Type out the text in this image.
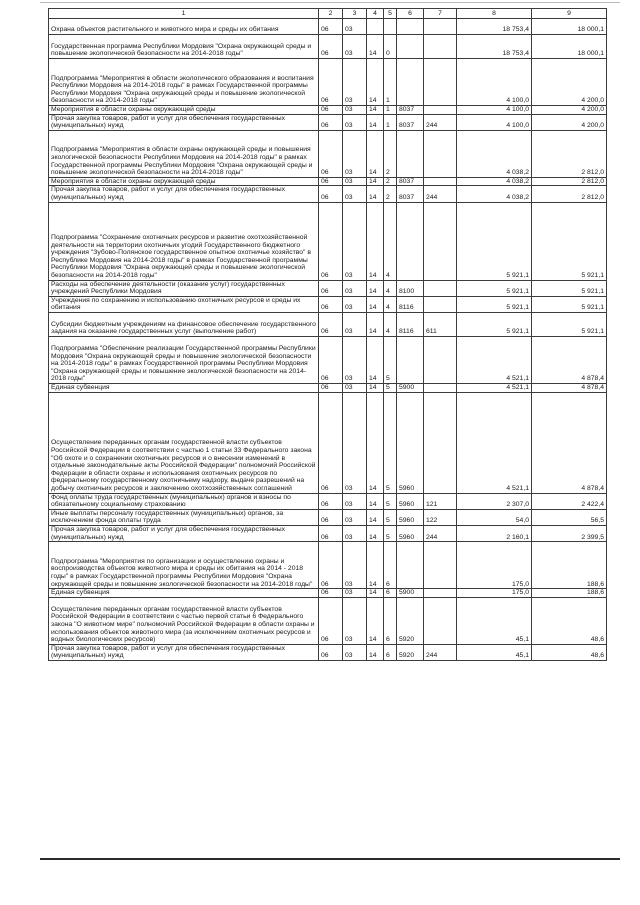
1	2	3	4	5	6	7	8	9
Охрана объектов растительного и животного мира и среды их обитания	06	03					18 753,4	18 000,1
Государственная программа Республики Мордовия "Охрана окружающей среды и повышение экологической безопасности на 2014-2018 годы"	06	03	14	0			18 753,4	18 000,1
Подпрограмма "Мероприятия в области экологического образования и воспитания Республики Мордовия на 2014-2018 годы" в рамках Государственной программы Республики Мордовия "Охрана окружающей среды и повышение экологической безопасности на 2014-2018 годы"	06	03	14	1			4 100,0	4 200,0
Мероприятия в области охраны окружающей среды	06	03	14	1	8037		4 100,0	4 200,0
Прочая закупка товаров, работ и услуг для обеспечения государственных (муниципальных) нужд	06	03	14	1	8037	244	4 100,0	4 200,0
Подпрограмма "Мероприятия в области охраны окружающей среды и повышения экологической безопасности Республики Мордовия на 2014-2018 годы" в рамках Государственной программы Республики Мордовия "Охрана окружающей среды и повышение экологической безопасности на 2014-2018 годы"	06	03	14	2			4 038,2	2 812,0
Мероприятия в области охраны окружающей среды	06	03	14	2	8037		4 038,2	2 812,0
Прочая закупка товаров, работ и услуг для обеспечения государственных (муниципальных) нужд	06	03	14	2	8037	244	4 038,2	2 812,0
Подпрограмма "Сохранение охотничьих ресурсов и развитие охотхозяйственной деятельности на территории охотничьих угодий Государственного бюджетного учреждения "Зубово-Полянское государственное опытное охотничье хозяйство" в Республике Мордовия на 2014-2018 годы" в рамках Государственной программы Республики Мордовия "Охрана окружающей среды и повышение экологической безопасности на 2014-2018 годы"	06	03	14	4			5 921,1	5 921,1
Расходы на обеспечение деятельности (оказание услуг) государственных учреждений Республики Мордовия	06	03	14	4	8100		5 921,1	5 921,1
Учреждения по сохранению и использованию охотничьих ресурсов и среды их обитания	06	03	14	4	8116		5 921,1	5 921,1
Субсидии бюджетным учреждениям на финансовое обеспечение государственного задания на оказание государственных услуг (выполнение работ)	06	03	14	4	8116	611	5 921,1	5 921,1
Подпрограмма "Обеспечение реализации Государственной программы Республики Мордовия "Охрана окружающей среды и повышение экологической безопасности на 2014-2018 годы" в рамках Государственной программы Республики Мордовия "Охрана окружающей среды и повышение экологической безопасности на 2014-2018 годы"	06	03	14	5			4 521,1	4 878,4
Единая субвенция	06	03	14	5	5900		4 521,1	4 878,4
Осуществление переданных органам государственной власти субъектов Российской Федерации в соответствии с частью 1 статьи 33 Федерального закона "Об охоте и о сохранении охотничьих ресурсов и о внесении изменений в отдельные законодательные акты Российской Федерации" полномочий Российской Федерации в области охраны и использования охотничьих ресурсов по федеральному государственному охотничьему надзору, выдаче разрешений на добычу охотничьих ресурсов и заключению охотхозяйственных соглашений	06	03	14	5	5960		4 521,1	4 878,4
Фонд оплаты труда государственных (муниципальных) органов и взносы по обязательному социальному страхованию	06	03	14	5	5960	121	2 307,0	2 422,4
Иные выплаты персоналу государственных (муниципальных) органов, за исключением фонда оплаты труда	06	03	14	5	5960	122	54,0	56,5
Прочая закупка товаров, работ и услуг для обеспечения государственных (муниципальных) нужд	06	03	14	5	5960	244	2 160,1	2 399,5
Подпрограмма "Мероприятия по организации и осуществлению охраны и воспроизводства объектов животного мира и среды их обитания на 2014 - 2018 годы" в рамках Государственной программы Республики Мордовия "Охрана окружающей среды и повышение экологической безопасности на 2014-2018 годы"	06	03	14	6			175,0	188,6
Единая субвенция	06	03	14	6	5900		175,0	188,6
Осуществление переданных органам государственной власти субъектов Российской Федерации в соответствии с частью первой статьи 6 Федерального закона "О животном мире" полномочий Российской Федерации в области охраны и использования объектов животного мира (за исключением охотничьих ресурсов и водных биологических ресурсов)	06	03	14	6	5920		45,1	48,6
Прочая закупка товаров, работ и услуг для обеспечения государственных (муниципальных) нужд	06	03	14	6	5920	244	45,1	48,6
